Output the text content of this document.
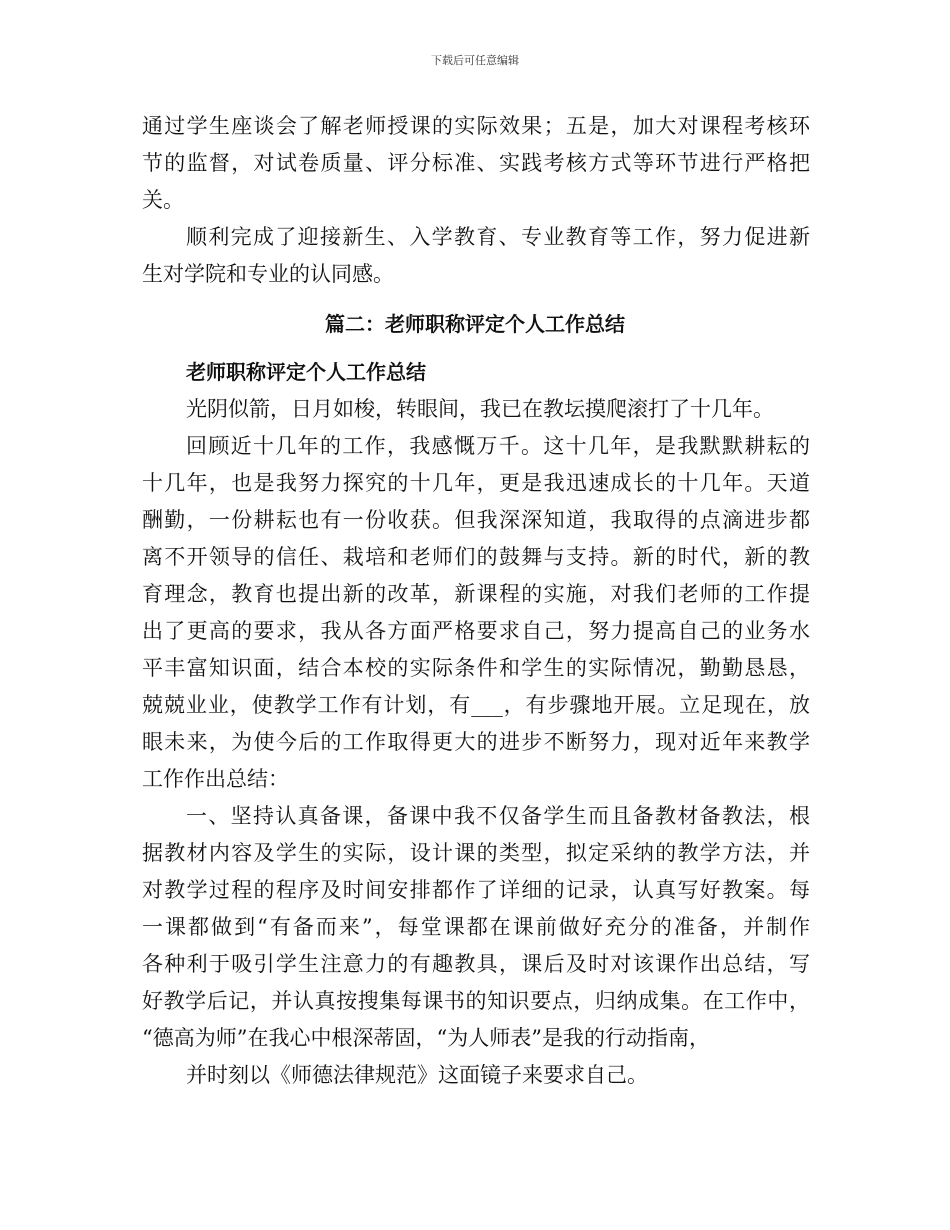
下载后可任意编辑
通过学生座谈会了解老师授课的实际效果；五是，加大对课程考核环
节的监督，对试卷质量、评分标准、实践考核方式等环节进行严格把
关。
顺利完成了迎接新生、入学教育、专业教育等工作，努力促进新
生对学院和专业的认同感。
篇二：老师职称评定个人工作总结
老师职称评定个人工作总结
光阴似箭，日月如梭，转眼间，我已在教坛摸爬滚打了十几年。
回顾近十几年的工作，我感慨万千。这十几年，是我默默耕耘的
十几年，也是我努力探究的十几年，更是我迅速成长的十几年。天道
酬勤，一份耕耘也有一份收获。但我深深知道，我取得的点滴进步都
离不开领导的信任、栽培和老师们的鼓舞与支持。新的时代，新的教
育理念，教育也提出新的改革，新课程的实施，对我们老师的工作提
出了更高的要求，我从各方面严格要求自己，努力提高自己的业务水
平丰富知识面，结合本校的实际条件和学生的实际情况，勤勤恳恳，
兢兢业业，使教学工作有计划，有___，有步骤地开展。立足现在，放
眼未来，为使今后的工作取得更大的进步不断努力，现对近年来教学
工作作出总结：
一、坚持认真备课，备课中我不仅备学生而且备教材备教法，根
据教材内容及学生的实际，设计课的类型，拟定采纳的教学方法，并
对教学过程的程序及时间安排都作了详细的记录，认真写好教案。每
一课都做到“有备而来”，每堂课都在课前做好充分的准备，并制作
各种利于吸引学生注意力的有趣教具，课后及时对该课作出总结，写
好教学后记，并认真按搜集每课书的知识要点，归纳成集。在工作中，
“德高为师”在我心中根深蒂固，“为人师表”是我的行动指南，
并时刻以《师德法律规范》这面镜子来要求自己。
